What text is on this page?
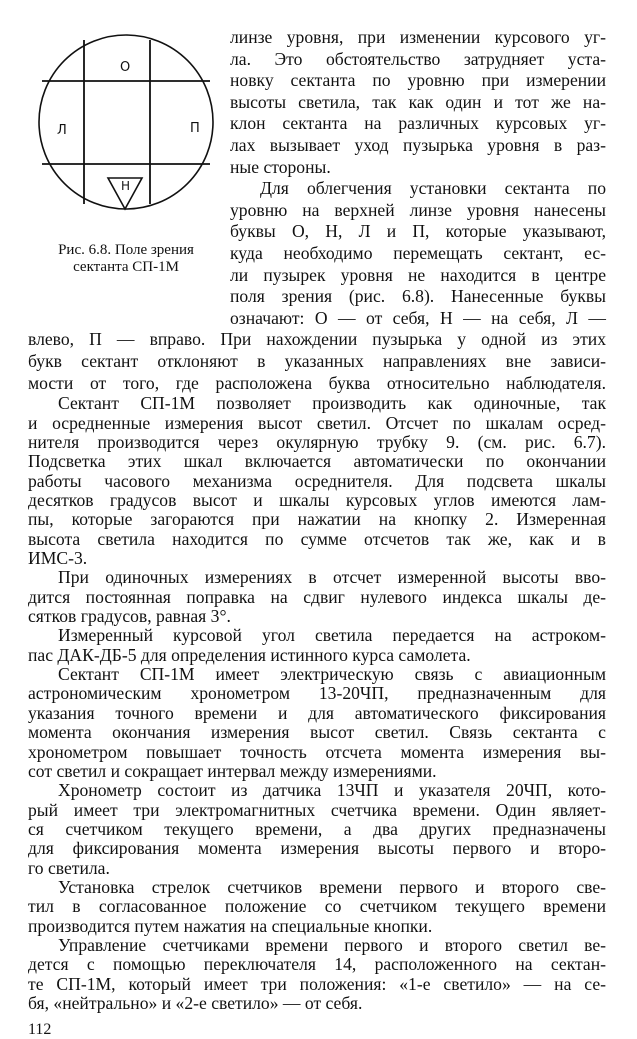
О
Л	П
Н
Рис. 6.8. Поле зрения
сектанта СП-1М

линзе уровня, при изменении курсового уг-

ла. Это обстоятельство затрудняет уста-

новку сектанта по уровню при измерении

высоты светила, так как один и тот же на-

клон сектанта на различных курсовых уг-

лах вызывает уход пузырька уровня в раз-

ные стороны.

Для облегчения установки сектанта по

уровню на верхней линзе уровня нанесены

буквы О, Н, Л и П, которые указывают,

куда необходимо перемещать сектант, ес-

ли пузырек уровня не находится в центре

поля зрения (рис. 6.8). Нанесенные буквы

означают: О — от себя, Н — на себя, Л —

влево, П — вправо. При нахождении пузырька у одной из этих

букв сектант отклоняют в указанных направлениях вне зависи-

мости от того, где расположена буква относительно наблюдателя.

Сектант СП-1М позволяет производить как одиночные, так

и осредненные измерения высот светил. Отсчет по шкалам осред-

нителя производится через окулярную трубку 9. (см. рис. 6.7).

Подсветка этих шкал включается автоматически по окончании

работы часового механизма осреднителя. Для подсвета шкалы

десятков градусов высот и шкалы курсовых углов имеются лам-

пы, которые загораются при нажатии на кнопку 2. Измеренная

высота светила находится по сумме отсчетов так же, как и в

ИМС-3.

При одиночных измерениях в отсчет измеренной высоты вво-

дится постоянная поправка на сдвиг нулевого индекса шкалы де-

сятков градусов, равная 3°.

Измеренный курсовой угол светила передается на астроком-

пас ДАК-ДБ-5 для определения истинного курса самолета.

Сектант СП-1М имеет электрическую связь с авиационным

астрономическим хронометром 13-20ЧП, предназначенным для

указания точного времени и для автоматического фиксирования

момента окончания измерения высот светил. Связь сектанта с

хронометром повышает точность отсчета момента измерения вы-

сот светил и сокращает интервал между измерениями.

Хронометр состоит из датчика 13ЧП и указателя 20ЧП, кото-

рый имеет три электромагнитных счетчика времени. Один являет-

ся счетчиком текущего времени, а два других предназначены

для фиксирования момента измерения высоты первого и второ-

го светила.

Установка стрелок счетчиков времени первого и второго све-

тил в согласованное положение со счетчиком текущего времени

производится путем нажатия на специальные кнопки.

Управление счетчиками времени первого и второго светил ве-

дется с помощью переключателя 14, расположенного на сектан-

те СП-1М, который имеет три положения: «1-е светило» — на се-

бя, «нейтрально» и «2-е светило» — от себя.

112
